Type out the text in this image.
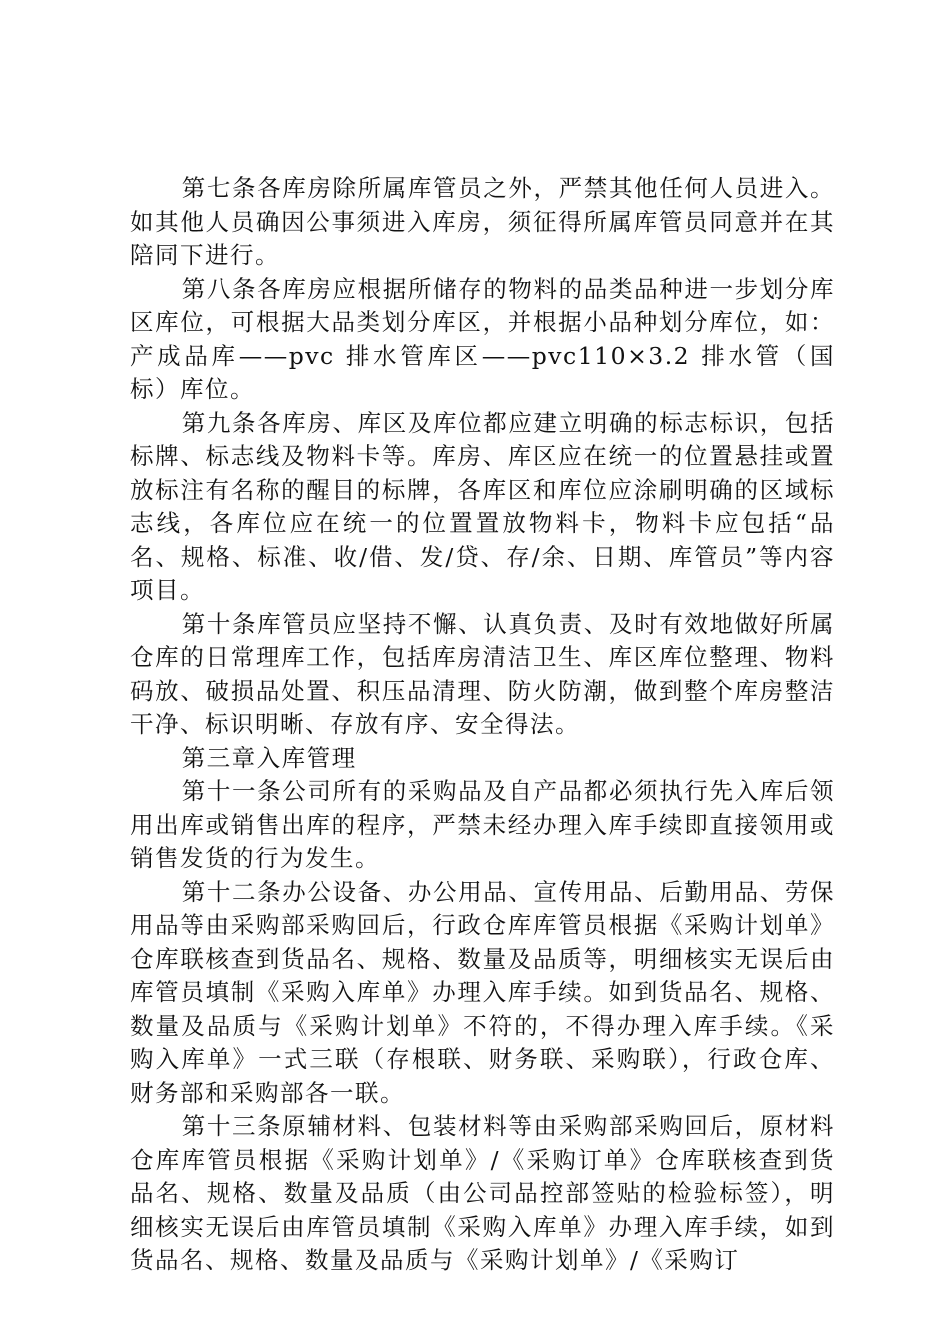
第七条各库房除所属库管员之外，严禁其他任何人员进入。如其他人员确因公事须进入库房，须征得所属库管员同意并在其陪同下进行。

第八条各库房应根据所储存的物料的品类品种进一步划分库区库位，可根据大品类划分库区，并根据小品种划分库位，如：产成品库——pvc 排水管库区——pvc110×3.2 排水管（国标）库位。

第九条各库房、库区及库位都应建立明确的标志标识，包括标牌、标志线及物料卡等。库房、库区应在统一的位置悬挂或置放标注有名称的醒目的标牌，各库区和库位应涂刷明确的区域标志线，各库位应在统一的位置置放物料卡，物料卡应包括“品名、规格、标准、收/借、发/贷、存/余、日期、库管员”等内容项目。

第十条库管员应坚持不懈、认真负责、及时有效地做好所属仓库的日常理库工作，包括库房清洁卫生、库区库位整理、物料码放、破损品处置、积压品清理、防火防潮，做到整个库房整洁干净、标识明晰、存放有序、安全得法。

第三章入库管理

第十一条公司所有的采购品及自产品都必须执行先入库后领用出库或销售出库的程序，严禁未经办理入库手续即直接领用或销售发货的行为发生。

第十二条办公设备、办公用品、宣传用品、后勤用品、劳保用品等由采购部采购回后，行政仓库库管员根据《采购计划单》仓库联核查到货品名、规格、数量及品质等，明细核实无误后由库管员填制《采购入库单》办理入库手续。如到货品名、规格、数量及品质与《采购计划单》不符的，不得办理入库手续。《采购入库单》一式三联（存根联、财务联、采购联），行政仓库、财务部和采购部各一联。

第十三条原辅材料、包装材料等由采购部采购回后，原材料仓库库管员根据《采购计划单》/《采购订单》仓库联核查到货品名、规格、数量及品质（由公司品控部签贴的检验标签），明细核实无误后由库管员填制《采购入库单》办理入库手续，如到货品名、规格、数量及品质与《采购计划单》/《采购订
